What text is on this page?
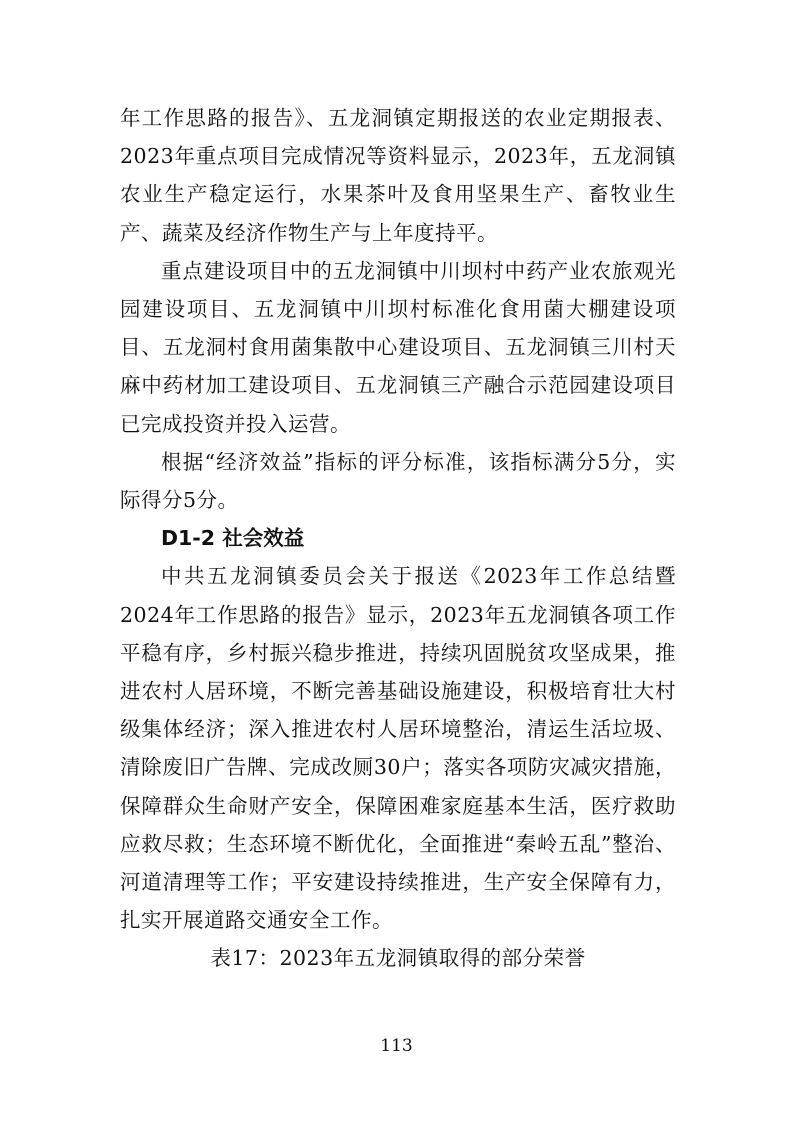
年工作思路的报告》、五龙洞镇定期报送的农业定期报表、2023年重点项目完成情况等资料显示，2023年，五龙洞镇农业生产稳定运行，水果茶叶及食用坚果生产、畜牧业生产、蔬菜及经济作物生产与上年度持平。

重点建设项目中的五龙洞镇中川坝村中药产业农旅观光园建设项目、五龙洞镇中川坝村标准化食用菌大棚建设项目、五龙洞村食用菌集散中心建设项目、五龙洞镇三川村天麻中药材加工建设项目、五龙洞镇三产融合示范园建设项目已完成投资并投入运营。

根据“经济效益”指标的评分标准，该指标满分5分，实际得分5分。

D1-2 社会效益

中共五龙洞镇委员会关于报送《2023年工作总结暨2024年工作思路的报告》显示，2023年五龙洞镇各项工作平稳有序，乡村振兴稳步推进，持续巩固脱贫攻坚成果，推进农村人居环境，不断完善基础设施建设，积极培育壮大村级集体经济；深入推进农村人居环境整治，清运生活垃圾、清除废旧广告牌、完成改厕30户；落实各项防灾减灾措施，保障群众生命财产安全，保障困难家庭基本生活，医疗救助应救尽救；生态环境不断优化，全面推进“秦岭五乱”整治、河道清理等工作；平安建设持续推进，生产安全保障有力，扎实开展道路交通安全工作。

表17：2023年五龙洞镇取得的部分荣誉

113
